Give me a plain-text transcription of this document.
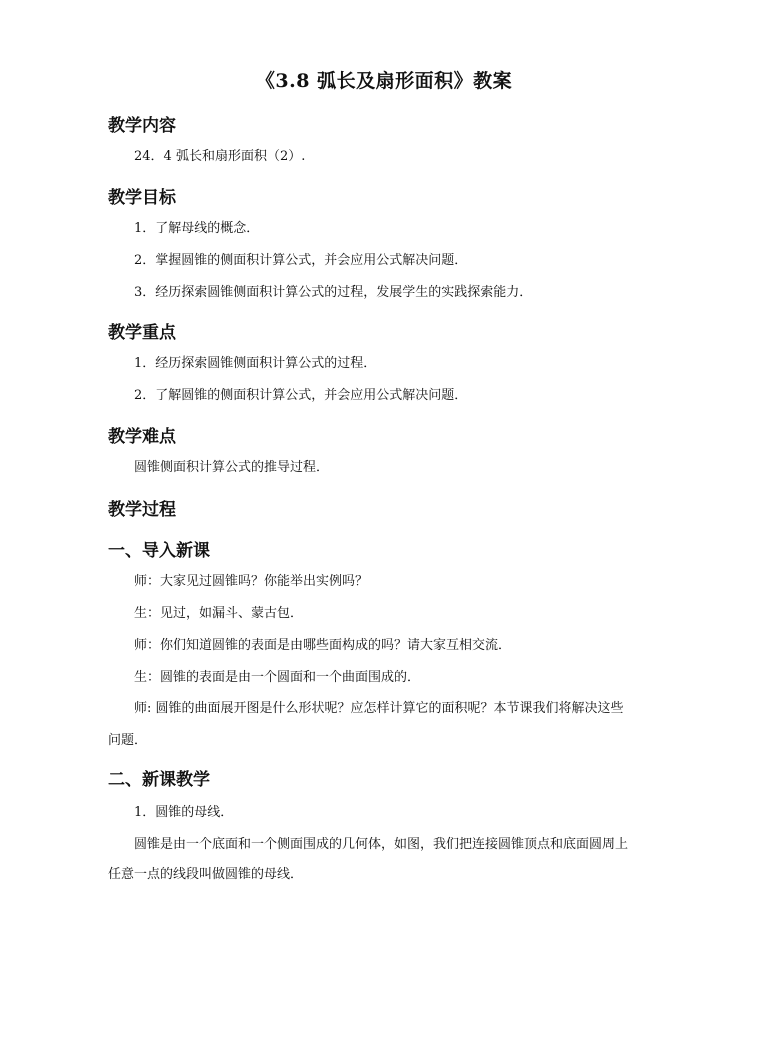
《3.8 弧长及扇形面积》教案
教学内容
24．4 弧长和扇形面积（2）.
教学目标
1．了解母线的概念．
2．掌握圆锥的侧面积计算公式，并会应用公式解决问题．
3．经历探索圆锥侧面积计算公式的过程，发展学生的实践探索能力．
教学重点
1．经历探索圆锥侧面积计算公式的过程．
2．了解圆锥的侧面积计算公式，并会应用公式解决问题．
教学难点
圆锥侧面积计算公式的推导过程．
教学过程
一、导入新课
师：大家见过圆锥吗？你能举出实例吗？
生：见过，如漏斗、蒙古包．
师：你们知道圆锥的表面是由哪些面构成的吗？请大家互相交流．
生：圆锥的表面是由一个圆面和一个曲面围成的．
师: 圆锥的曲面展开图是什么形状呢？应怎样计算它的面积呢？本节课我们将解决这些
问题．
二、新课教学
1．圆锥的母线．
圆锥是由一个底面和一个侧面围成的几何体，如图，我们把连接圆锥顶点和底面圆周上
任意一点的线段叫做圆锥的母线．
